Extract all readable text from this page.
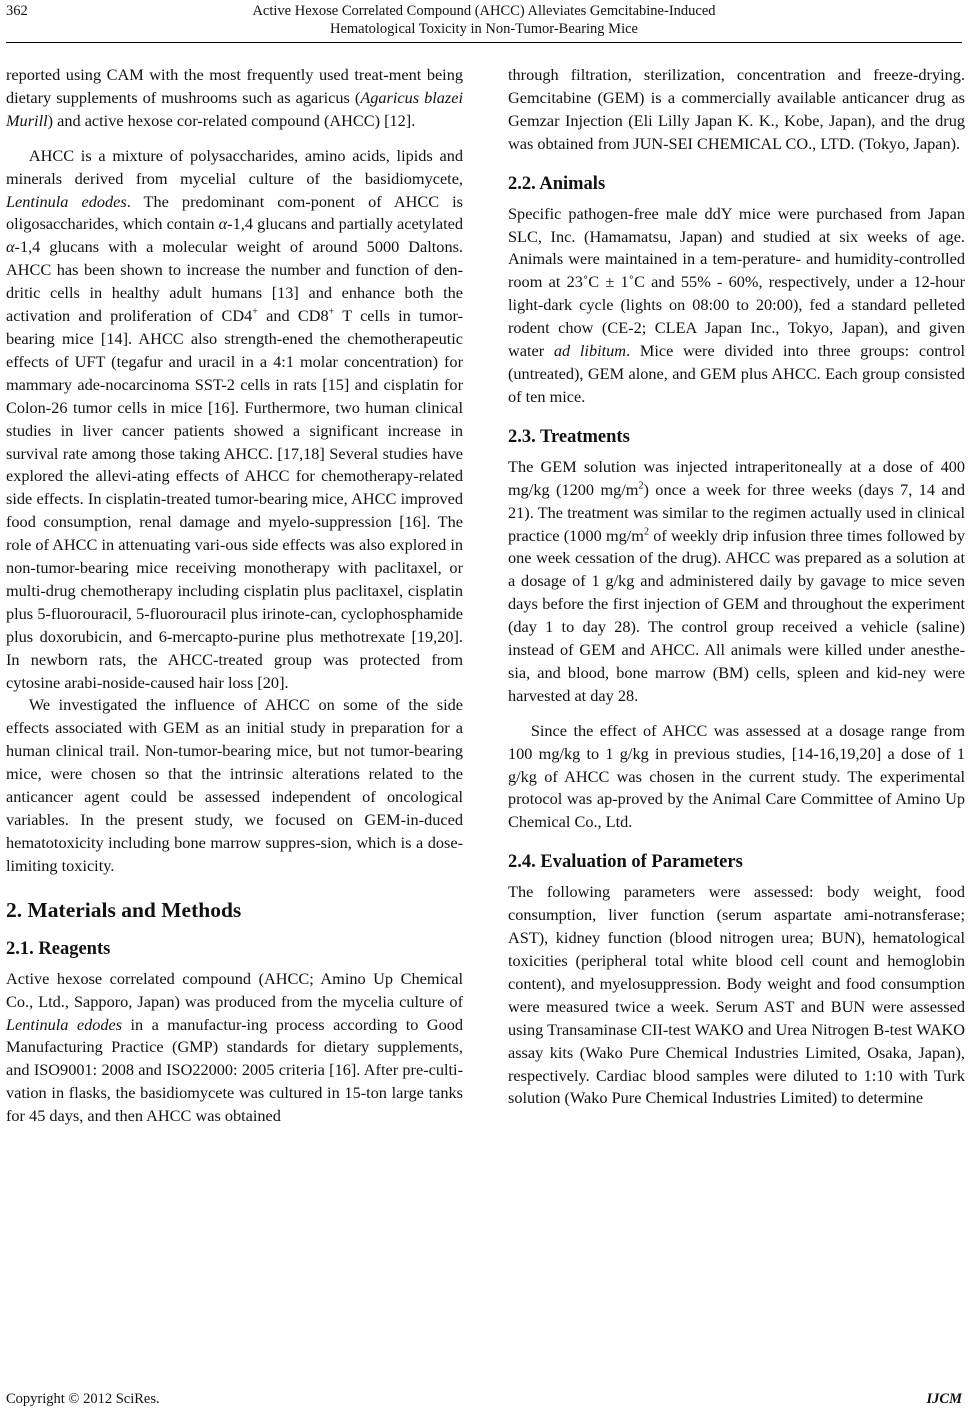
362	Active Hexose Correlated Compound (AHCC) Alleviates Gemcitabine-Induced
Hematological Toxicity in Non-Tumor-Bearing Mice

reported using CAM with the most frequently used treat-ment being dietary supplements of mushrooms such as agaricus (Agaricus blazei Murill) and active hexose cor-related compound (AHCC) [12].

AHCC is a mixture of polysaccharides, amino acids, lipids and minerals derived from mycelial culture of the basidiomycete, Lentinula edodes. The predominant com-ponent of AHCC is oligosaccharides, which contain α-1,4 glucans and partially acetylated α-1,4 glucans with a molecular weight of around 5000 Daltons. AHCC has been shown to increase the number and function of den-dritic cells in healthy adult humans [13] and enhance both the activation and proliferation of CD4+ and CD8+ T cells in tumor-bearing mice [14]. AHCC also strength-ened the chemotherapeutic effects of UFT (tegafur and uracil in a 4:1 molar concentration) for mammary ade-nocarcinoma SST-2 cells in rats [15] and cisplatin for Colon-26 tumor cells in mice [16]. Furthermore, two human clinical studies in liver cancer patients showed a significant increase in survival rate among those taking AHCC. [17,18] Several studies have explored the allevi-ating effects of AHCC for chemotherapy-related side effects. In cisplatin-treated tumor-bearing mice, AHCC improved food consumption, renal damage and myelo-suppression [16]. The role of AHCC in attenuating vari-ous side effects was also explored in non-tumor-bearing mice receiving monotherapy with paclitaxel, or multi-drug chemotherapy including cisplatin plus paclitaxel, cisplatin plus 5-fluorouracil, 5-fluorouracil plus irinote-can, cyclophosphamide plus doxorubicin, and 6-mercapto-purine plus methotrexate [19,20]. In newborn rats, the AHCC-treated group was protected from cytosine arabi-noside-caused hair loss [20].

We investigated the influence of AHCC on some of the side effects associated with GEM as an initial study in preparation for a human clinical trail. Non-tumor-bearing mice, but not tumor-bearing mice, were chosen so that the intrinsic alterations related to the anticancer agent could be assessed independent of oncological variables. In the present study, we focused on GEM-in-duced hematotoxicity including bone marrow suppres-sion, which is a dose-limiting toxicity.

2. Materials and Methods
2.1. Reagents

Active hexose correlated compound (AHCC; Amino Up Chemical Co., Ltd., Sapporo, Japan) was produced from the mycelia culture of Lentinula edodes in a manufactur-ing process according to Good Manufacturing Practice (GMP) standards for dietary supplements, and ISO9001: 2008 and ISO22000: 2005 criteria [16]. After pre-culti-vation in flasks, the basidiomycete was cultured in 15-ton large tanks for 45 days, and then AHCC was obtained

through filtration, sterilization, concentration and freeze-drying. Gemcitabine (GEM) is a commercially available anticancer drug as Gemzar Injection (Eli Lilly Japan K. K., Kobe, Japan), and the drug was obtained from JUN-SEI CHEMICAL CO., LTD. (Tokyo, Japan).

2.2. Animals

Specific pathogen-free male ddY mice were purchased from Japan SLC, Inc. (Hamamatsu, Japan) and studied at six weeks of age. Animals were maintained in a tem-perature- and humidity-controlled room at 23˚C ± 1˚C and 55% - 60%, respectively, under a 12-hour light-dark cycle (lights on 08:00 to 20:00), fed a standard pelleted rodent chow (CE-2; CLEA Japan Inc., Tokyo, Japan), and given water ad libitum. Mice were divided into three groups: control (untreated), GEM alone, and GEM plus AHCC. Each group consisted of ten mice.

2.3. Treatments

The GEM solution was injected intraperitoneally at a dose of 400 mg/kg (1200 $mg/m^2$) once a week for three weeks (days 7, 14 and 21). The treatment was similar to the regimen actually used in clinical practice (1000 $mg/m^2$ of weekly drip infusion three times followed by one week cessation of the drug). AHCC was prepared as a solution at a dosage of 1 g/kg and administered daily by gavage to mice seven days before the first injection of GEM and throughout the experiment (day 1 to day 28). The control group received a vehicle (saline) instead of GEM and AHCC. All animals were killed under anesthe-sia, and blood, bone marrow (BM) cells, spleen and kid-ney were harvested at day 28.

Since the effect of AHCC was assessed at a dosage range from 100 mg/kg to 1 g/kg in previous studies, [14-16,19,20] a dose of 1 g/kg of AHCC was chosen in the current study. The experimental protocol was ap-proved by the Animal Care Committee of Amino Up Chemical Co., Ltd.

2.4. Evaluation of Parameters

The following parameters were assessed: body weight, food consumption, liver function (serum aspartate ami-notransferase; AST), kidney function (blood nitrogen urea; BUN), hematological toxicities (peripheral total white blood cell count and hemoglobin content), and myelosuppression. Body weight and food consumption were measured twice a week. Serum AST and BUN were assessed using Transaminase CII-test WAKO and Urea Nitrogen B-test WAKO assay kits (Wako Pure Chemical Industries Limited, Osaka, Japan), respectively. Cardiac blood samples were diluted to 1:10 with Turk solution (Wako Pure Chemical Industries Limited) to determine

Copyright © 2012 SciRes.	IJCM
